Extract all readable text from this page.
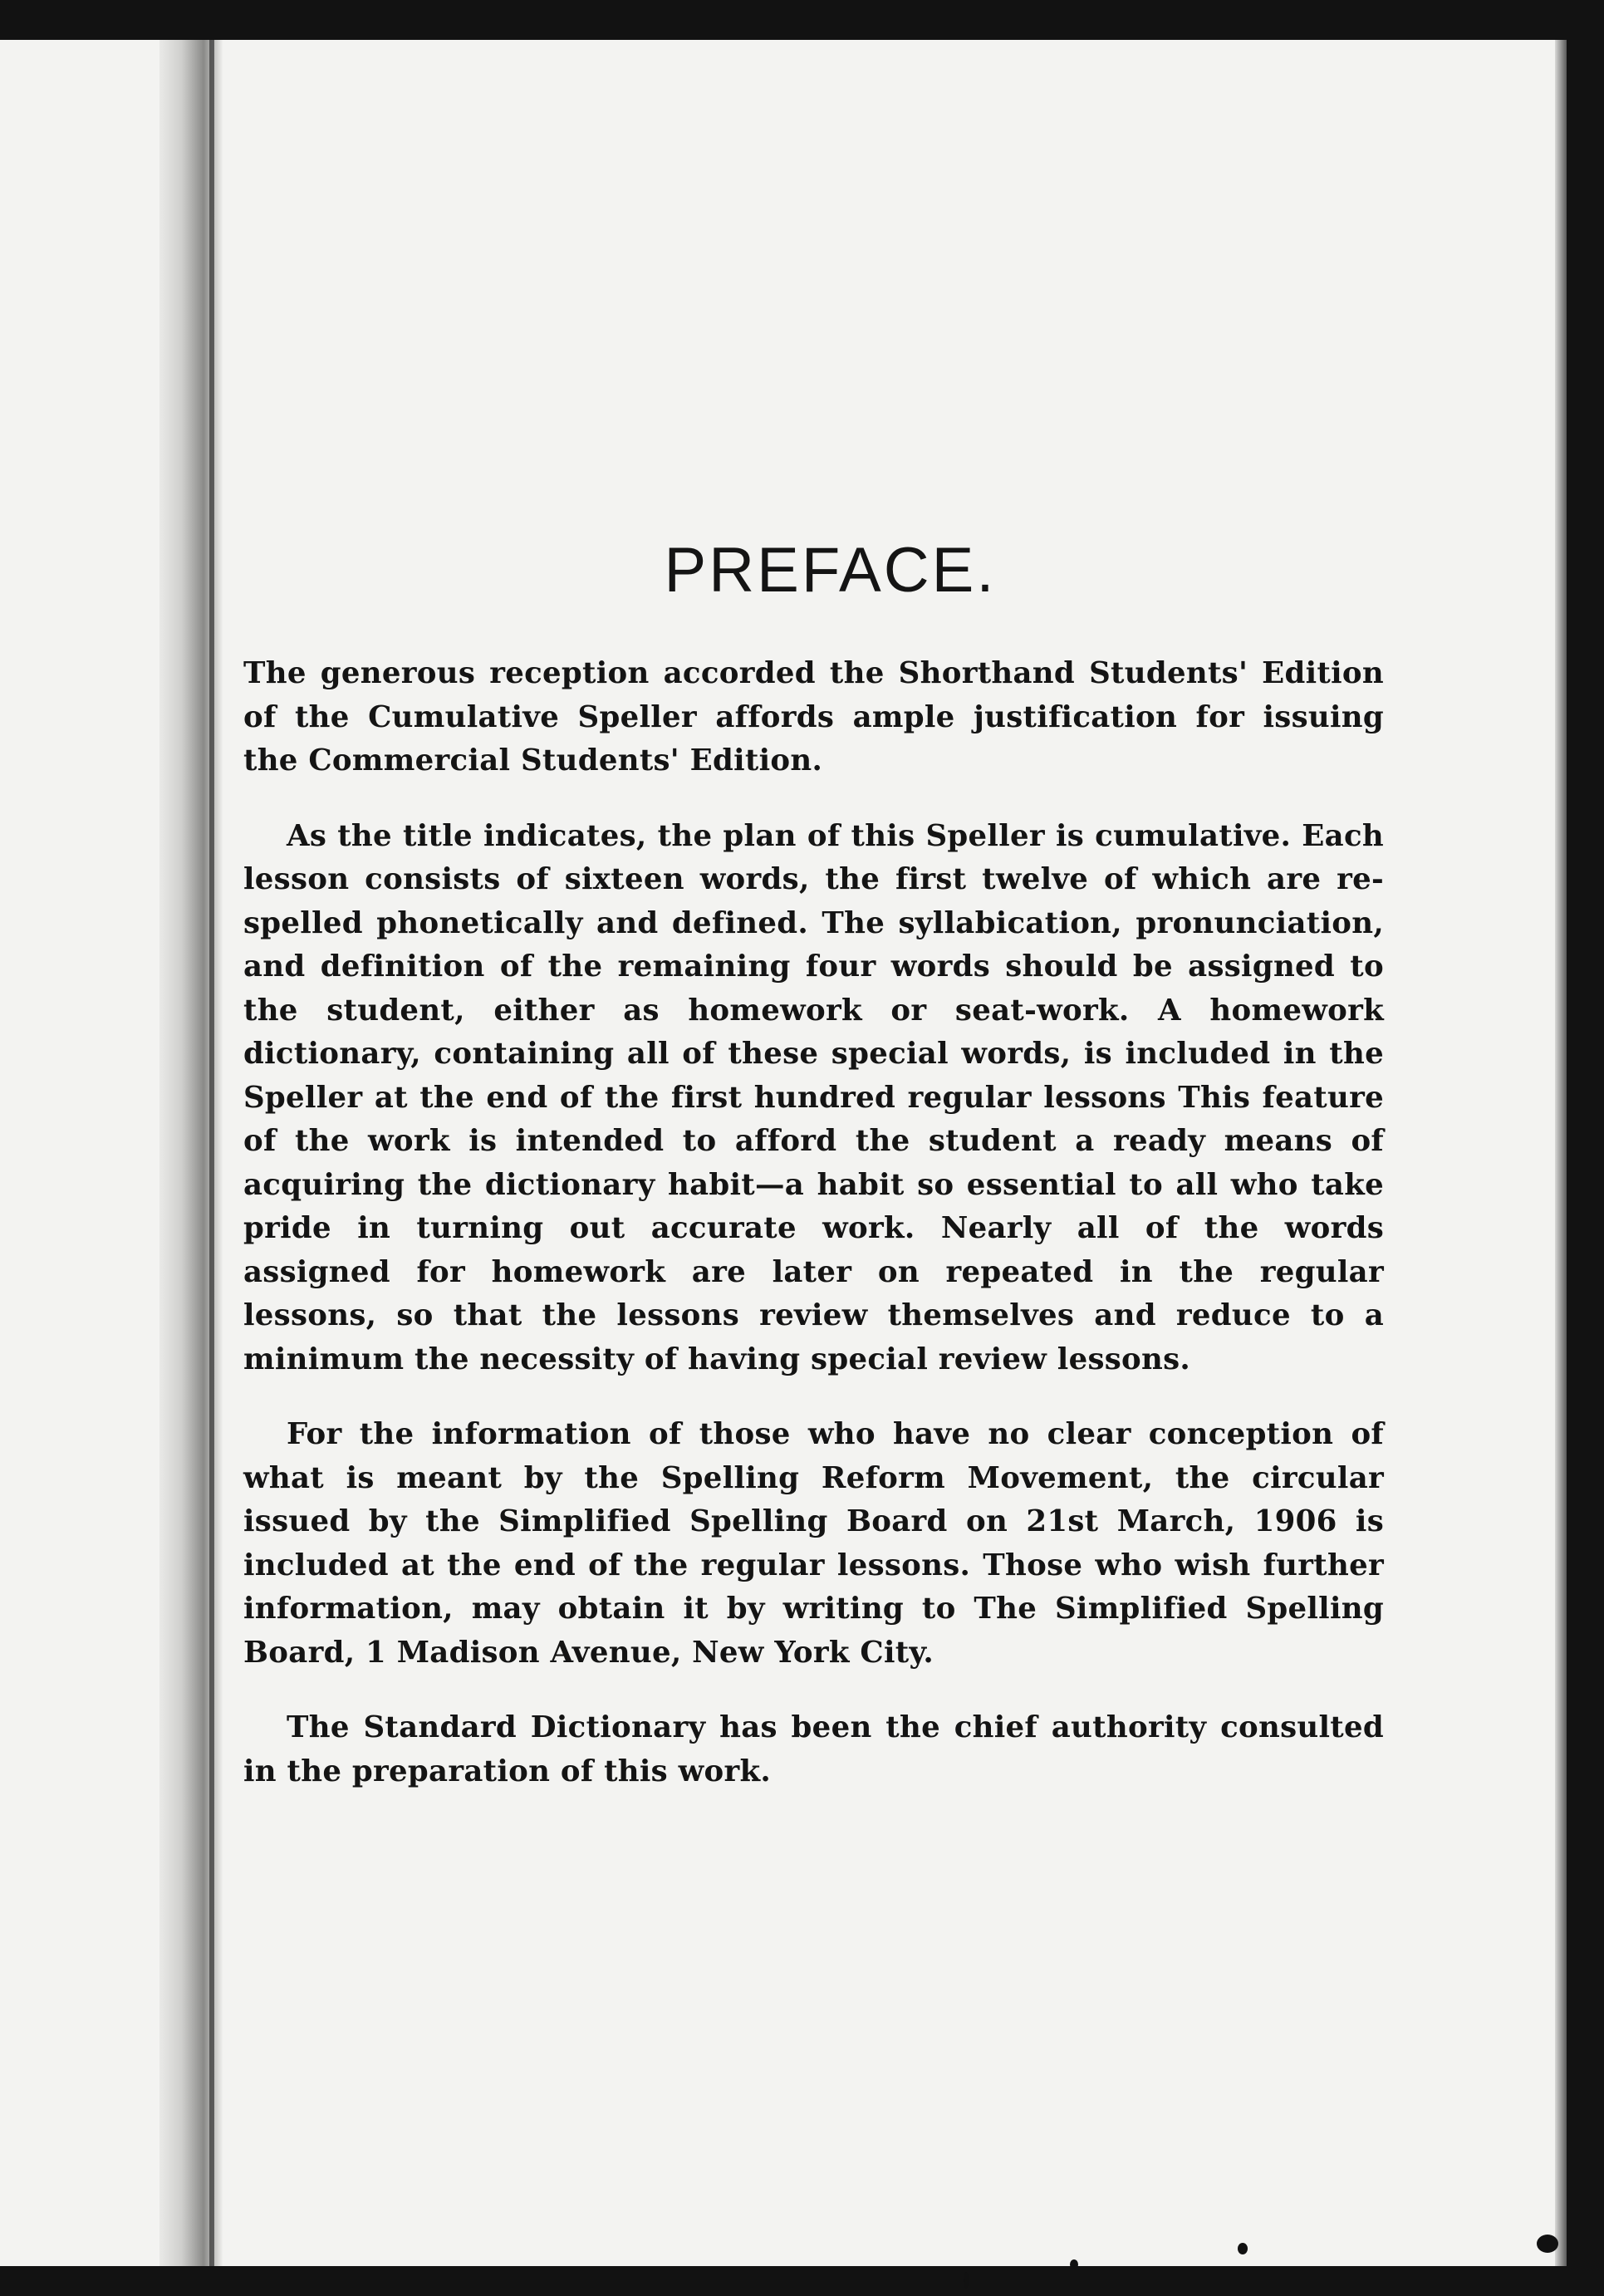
PREFACE.

The generous reception accorded the Shorthand Students' Edition of the Cumulative Speller affords ample justification for issuing the Commercial Students' Edition.

As the title indicates, the plan of this Speller is cumulative. Each lesson consists of sixteen words, the first twelve of which are re-spelled phonetically and defined. The syllabication, pronunciation, and definition of the remaining four words should be assigned to the student, either as homework or seat-work. A homework dictionary, containing all of these special words, is included in the Speller at the end of the first hundred regular lessons This feature of the work is intended to afford the student a ready means of acquiring the dictionary habit—a habit so essential to all who take pride in turning out accurate work. Nearly all of the words assigned for homework are later on repeated in the regular lessons, so that the lessons review themselves and reduce to a minimum the necessity of having special review lessons.

For the information of those who have no clear conception of what is meant by the Spelling Reform Movement, the circular issued by the Simplified Spelling Board on 21st March, 1906 is included at the end of the regular lessons. Those who wish further information, may obtain it by writing to The Simplified Spelling Board, 1 Madison Avenue, New York City.

The Standard Dictionary has been the chief authority consulted in the preparation of this work.
